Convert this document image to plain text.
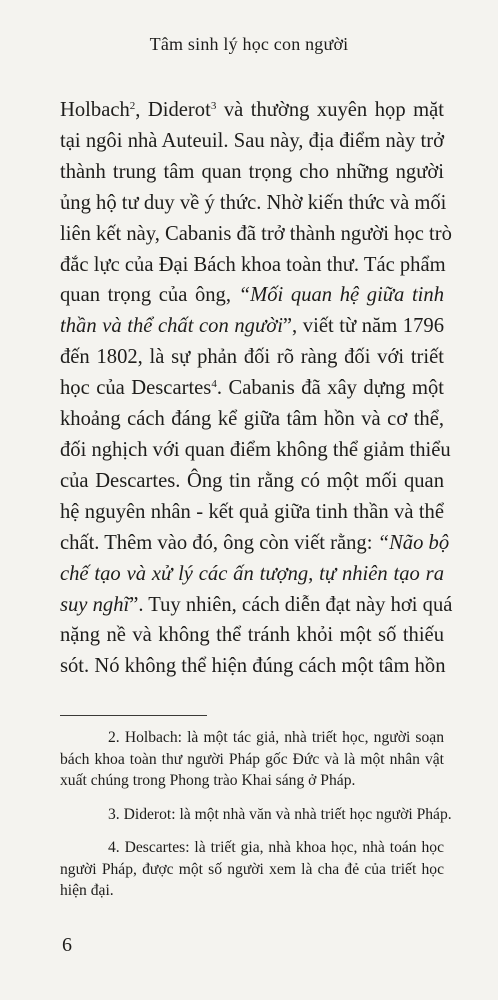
Tâm sinh lý học con người
Holbach$^2$, Diderot$^3$ và thường xuyên họp mặt
tại ngôi nhà Auteuil. Sau này, địa điểm này trở
thành trung tâm quan trọng cho những người
ủng hộ tư duy về ý thức. Nhờ kiến thức và mối
liên kết này, Cabanis đã trở thành người học trò
đắc lực của Đại Bách khoa toàn thư. Tác phẩm
quan trọng của ông, “Mối quan hệ giữa tinh
thần và thể chất con người”, viết từ năm 1796
đến 1802, là sự phản đối rõ ràng đối với triết
học của Descartes$^4$. Cabanis đã xây dựng một
khoảng cách đáng kể giữa tâm hồn và cơ thể,
đối nghịch với quan điểm không thể giảm thiểu
của Descartes. Ông tin rằng có một mối quan
hệ nguyên nhân - kết quả giữa tinh thần và thể
chất. Thêm vào đó, ông còn viết rằng: “Não bộ
chế tạo và xử lý các ấn tượng, tự nhiên tạo ra
suy nghĩ”. Tuy nhiên, cách diễn đạt này hơi quá
nặng nề và không thể tránh khỏi một số thiếu
sót. Nó không thể hiện đúng cách một tâm hồn
2. Holbach: là một tác giả, nhà triết học, người soạn
bách khoa toàn thư người Pháp gốc Đức và là một nhân vật
xuất chúng trong Phong trào Khai sáng ở Pháp.
3. Diderot: là một nhà văn và nhà triết học người Pháp.
4. Descartes: là triết gia, nhà khoa học, nhà toán học
người Pháp, được một số người xem là cha đẻ của triết học
hiện đại.
6
